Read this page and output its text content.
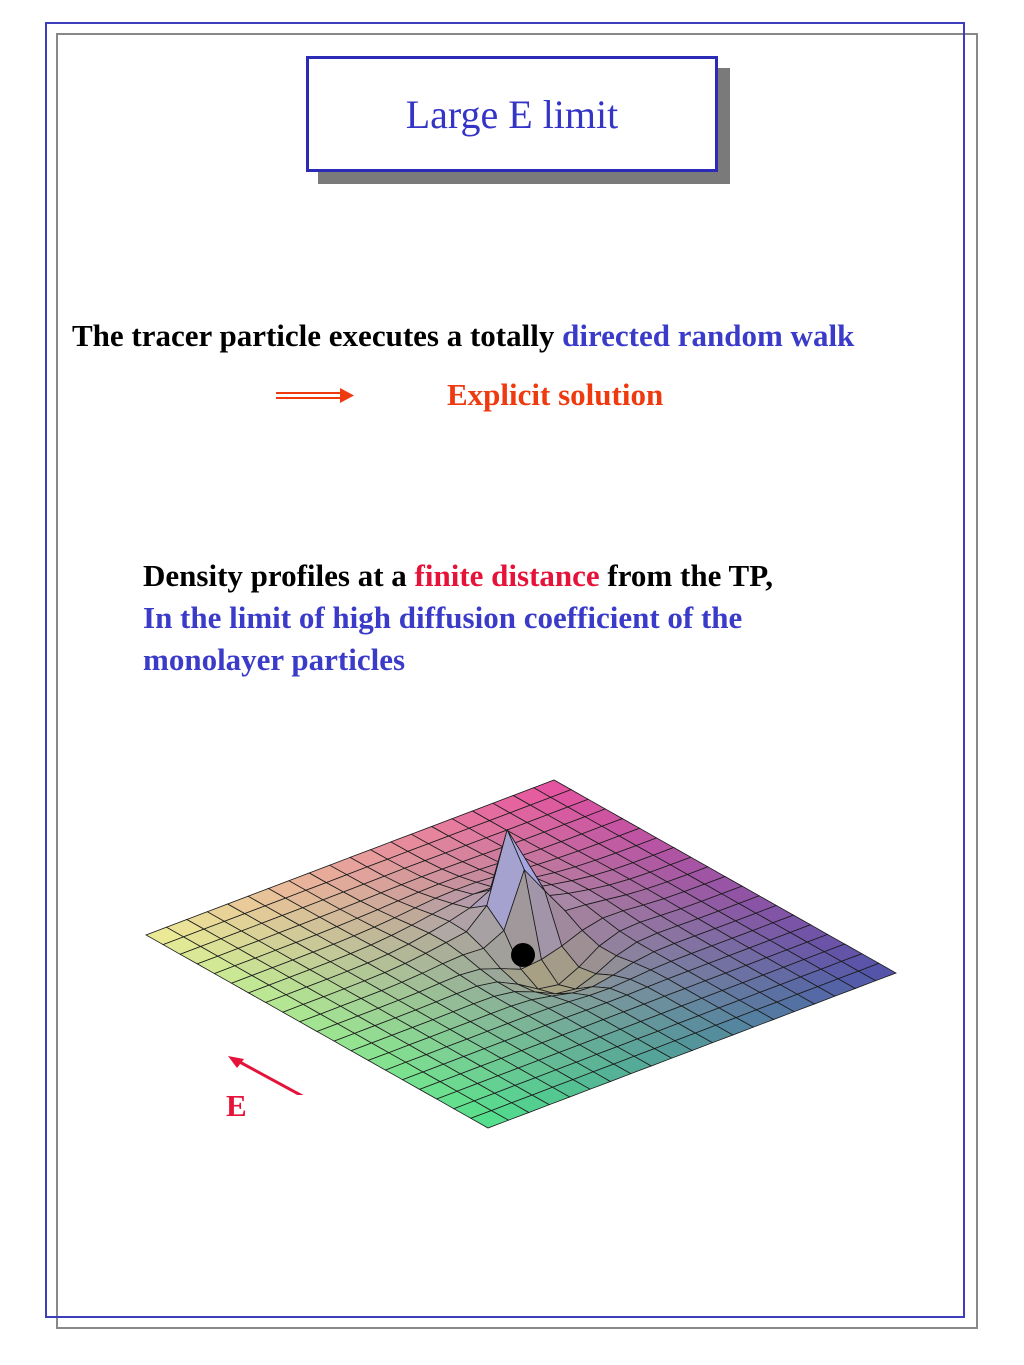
Large E limit
The tracer particle executes a totally directed random walk
Explicit solution
Density profiles at a finite distance from the TP,
In the limit of high diffusion coefficient of the
monolayer particles
E
